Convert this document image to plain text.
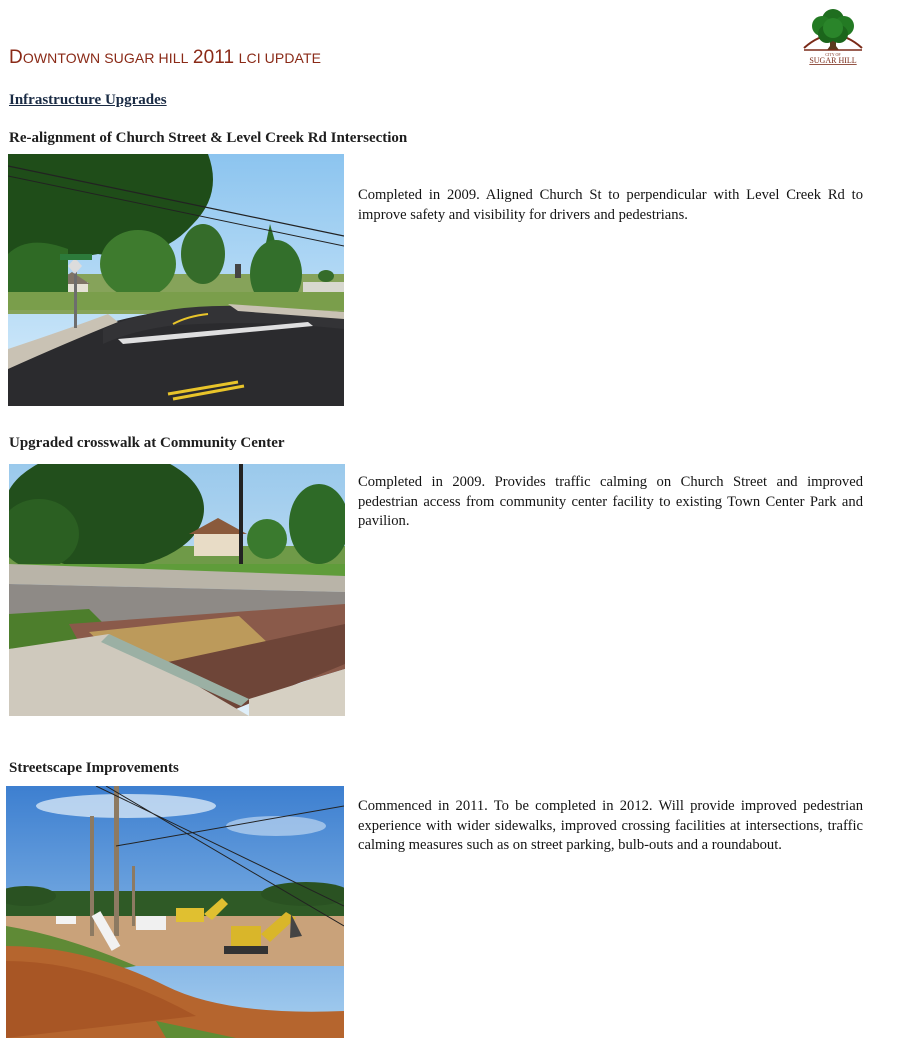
DOWNTOWN SUGAR HILL 2011 LCI UPDATE	CITY OF
SUGAR HILL
Infrastructure Upgrades
Re-alignment of Church Street & Level Creek Rd Intersection
Completed in 2009. Aligned Church St to perpendicular with Level Creek Rd to improve safety and visibility for drivers and pedestrians.
Upgraded crosswalk at Community Center
Completed in 2009. Provides traffic calming on Church Street and improved pedestrian access from community center facility to existing Town Center Park and pavilion.
Streetscape Improvements
Commenced in 2011. To be completed in 2012. Will provide improved pedestrian experience with wider sidewalks, improved crossing facilities at intersections, traffic calming measures such as on street parking, bulb-outs and a roundabout.
